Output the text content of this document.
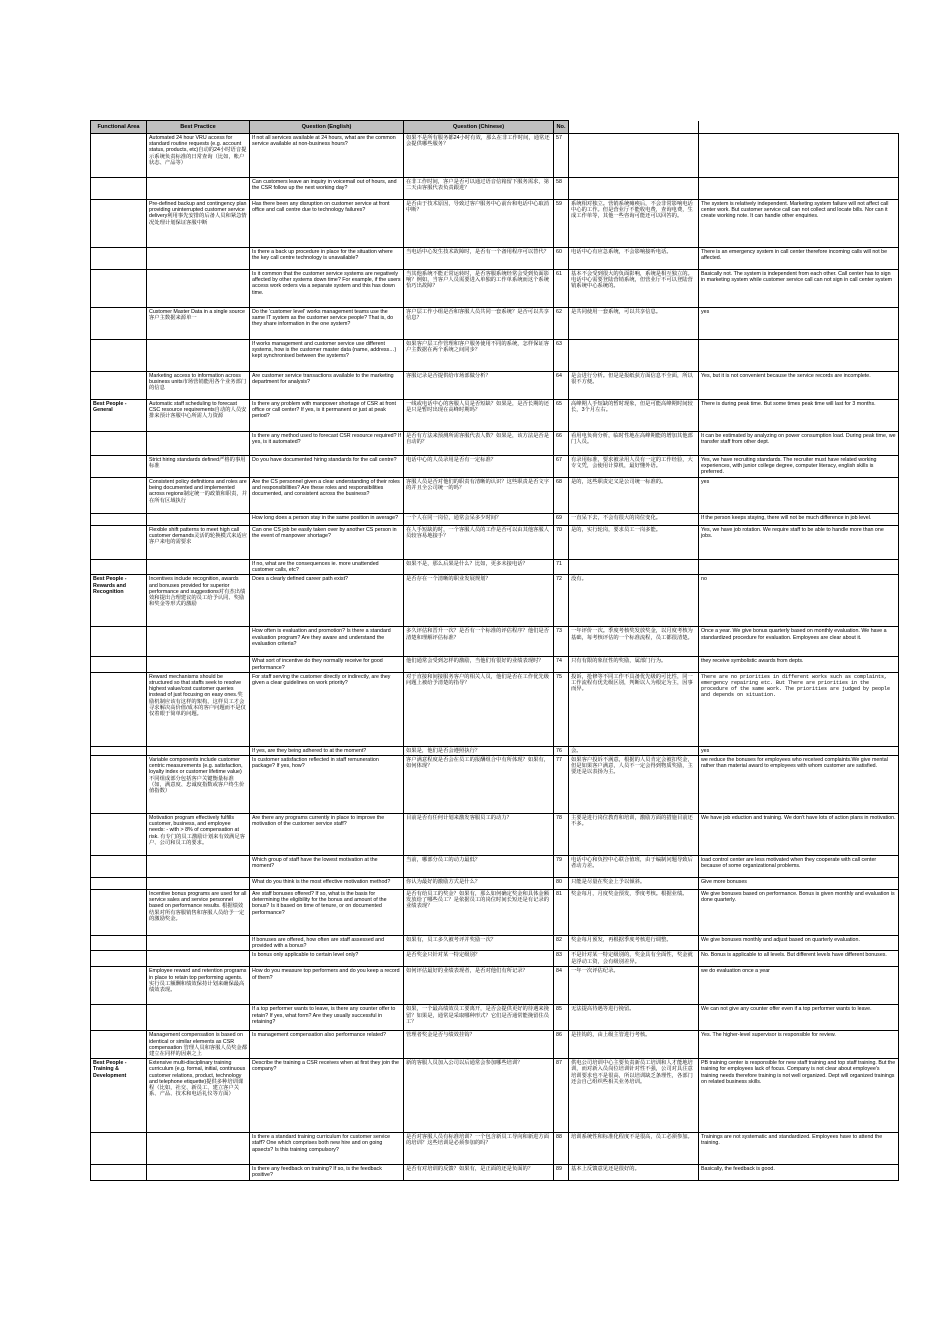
Functional Area	Best Practice	Question (English)	Question (Chinese)	No.		
	Automated 24 hour VRU access for standard routine requests (e.g. account status, products, etc)自动的24小时语音提示系统负责标准的日常查询（比如，帐户状态、产品等）	If not all services available at 24 hours, what are the common service available at non-business hours?	如果不是所有服务都24小时有效，那么在非工作时间，通常还会提供哪些服务？	57		
		Can customers leave an inquiry in voicemail out of hours, and the CSR follow up the next working day?	在非工作时间，客户是否可以通过语音信箱留下服务需求，第二天由客服代表负责跟进？	58		
	Pre-defined backup and contingency plan providing uninterrupted customer service delivery利用事先安排的后备人员和紧急情况处理计划保证客服中断	Has there been any disruption on customer service at front office and call centre due to technology failures?	是否由于技术原因，导致过客户服务中心前台和电话中心取消中断？	59	系统相对独立。营销系统瘫痪后，不会非常影响电话中心的工作。但是营业厅不能收电费，查询电费，生成工作单等，其他一些咨询可能还可以回答的。	The system is relatively independent. Marketing system failure will not affect call center work. But customer service call can not collect and locate bills. Nor can it create working note. It can handle other enquiries.
		Is there a back up procedure in place for the situation where the key call centre technology is unavailable?	当电话中心发生技术故障时，是否有一个备用程序可以替代？	60	电话中心有应急系统，不会影响接听电话。	There is an emergency system in call center therefore incoming calls will not be affected.
		Is it common that the customer service systems are negatively affected by other systems down time? For example, if the users access work orders via a separate system and this has down time.	当其他系统不能正常运转时，是否客服系统经常会受到负面影响？例如，当客户人员需要进入单独的工作单系统而这个系统恰巧出故障？	61	基本不会受到很大的负面影响，系统是相互独立的。电话中心需要登陆营销系统，但营业厅不可以登陆营销系统中心系统的。	Basically not. The system is independent from each other. Call center has to sign in marketing system while customer service call can not sign in call center system
	Customer Master Data in a single source客户主数据来源单一	Do the 'customer level' works management teams use the same IT system as the customer service people? That is, do they share information in the one system?	客户层工作小组是否和客服人员共同一套系统？是否可以共享信息？	62	是共同使用一套系统，可以共享信息。	yes
		If works management and customer service use different systems, how is the customer master data (name, address…) kept synchronised between the systems?	如果客户层工作管理和客户服务使用不同的系统，怎样保证客户主数据在两个系统之间同步？	63		
	Marketing access to information across business units市场营销能用各个业务部门的信息	Are customer service transactions available to the marketing department for analysis?	客服记录是否提供给市场部做分析？	64	是会进行分析。但是是报纸获方面信息不全面，所以很不方便。	Yes, but it is not convenient because the service records are incomplete.
Best People - General	Automatic staff scheduling to forecast CSC resource requirements自动的人员安排来预计客服中心所需人力资源	Is there any problem with manpower shortage of CSR at front office or call center? If yes, is it permanent or just at peak period?	一线或电话中心的客服人员是否短缺？如果是，是否长期的还是只是暂时出现在高峰时期吗？	65	高峰期人手短缺的暂时现象，但是可能高峰期时间较长，3个月左右。	There is during peak time. But some times peak time will last for 3 months.
		Is there any method used to forecast CSR resource required? If yes, is it automated?	是否有方法来预测所需客服代表人数？如果是，该方法是否是自动的？	66	看用电负荷分析，临时性地在高峰期能的增加其他部门人员。	It can be estimated by analyzing on power consumption load. During peak time, we transfer staff from other dept.
	Strict hiring standards defined严格的事用标准	Do you have documented hiring standards for the call centre?	电话中心的人员录用是否有一定标准？	67	有录用标准，要求被录用人员有一定的工作经验，大专文凭，会使用计算机，最好懂外语。	Yes, we have recruiting standards. The recruiter must have related working experiences, with junior college degree, computer literacy, english skills is preferred.
	Consistent policy definitions and roles are being documented and implemented across regions制定统一的政策和职责，并在所有区域执行	Are the CS personnel given a clear understanding of their roles and responsibilities? Are these roles and responsibilities documented, and consistent across the business?	客服人员是否对他们的职责有清晰的认识？这些职责是否文字的并且全公司统一的吗？	68	是的，这些职责定义是公司统一标准的。	yes
		How long does a person stay in the same position in average?	一个人在同一岗位，通常会呆多少时间？	69	一直呆下去，不会有很大的岗位变化。	If the person keeps staying, there will not be much difference in job level.
	Flexible shift patterns to meet high call customer demands灵活的轮换模式来适应客户来电的需要求	Can one CS job be easily taken over by another CS person in the event of manpower shortage?	在人手短缺的时，一个客服人员的工作是否可以由其他客服人员较容易地接手？	70	是的，实行轮岗，要求员工一岗多能。	Yes, we have job rotation. We require staff to be able to handle more than one jobs.
		If no, what are the consequences ie. more unattended customer calls, etc?	如果不是，那么后果是什么？比如，更多未接电话？	71		
Best People - Rewards and Recognition	Incentives include recognition, awards and bonuses provided for superior performance and suggestions对有杰出绩效和提出合理建议的员工给予认同、奖励和奖金等形式的激励	Does a clearly defined career path exist?	是否存在一个清晰的职业发展规划？	72	没有。	no
		How often is evaluation and promotion? Is there a standard evaluation program? Are they aware and understand the evaluation criteria?	多久评估和晋升一次？是否有一个标准的评估程序？他们是否清楚和理解评估标准？	73	一年评价一次。季度考核奖发放奖金，以月度考核为基础，每考核评估的一个标准流程，员工都很清楚。	Once a year. We give bonus quarterly based on monthly evaluation. We have a standardized procedure for evaluation. Employees are clear about it.
		What sort of incentive do they normally receive for good performance?	他们通常会受到怎样的激励，当他们有很好的业绩表现时？	74	只有有限的象征性的奖励，属部门行为。	they receive symbolistic awards from depts.
	Reward mechanisms should be structured so that staffs seek to resolve highest value/cost customer queries instead of just focusing on easy ones.奖励机制应该有这样的架构，这样员工才会寻求解决高价值/成本的客户问题而不是仅仅着眼于简单的问题。	For staff serving the customer directly or indirectly, are they given a clear guidelines on work priority?	对于直接和间接服务客户的相关人员，他们是否在工作优先级问题上被给予清楚的指导？	75	投诉，抢修等不同工作不具备优先级的可比性，同一工作流程有优先级区别，判断以人为根定为主，因事而异。	There are no priorities in different works such as complaints, emergency repairing etc. But There are priorities in the procedure of the same work. The priorities are judged by people and depends on situation.
		If yes, are they being adhered to at the moment?	如果是，他们是否会遵照执行？	76	会。	yes
	Variable components include customer centric measurements (e.g. satisfaction, loyalty index or customer lifetime value) 不同组成部分包括客户关键衡量标准（如，满意度、忠诚度指数或客户终生价值指数）	Is customer satisfaction reflected in staff remuneration package? If yes, how?	客户满意程度是否会在员工的报酬组合中有所体现？如果有，如何体现？	77	如果客户投诉不满意，根据的人员肯定会被扣奖金，但是如果客户满意，人员不一定会得到物质奖励，主要还是以表扬为主。	we reduce the bonuses for employees who received complaints.We give mental rather than material award to employees with whom customer are satisfied.
	Motivation program effectively fulfills customer, business, and employee needs: - with > 8% of compensation at risk. 有专门的员工激励计划来有效满足客户、公司和员工的要求。	Are there any programs currently in place to improve the motivation of the customer service staff?	目前是否有任何计划来激发客服员工的动力？	78	主要是进行岗位教育和培训，激励方面的措施目前还不多。	We have job eduction and training. We don't have lots of action plans in motivation.
		Which group of staff have the lowest motivation at the moment?	当前，哪部分员工的动力最低？	79	电话中心和负控中心联合值班，由于编制问题导致后者动力差。	load control center are less motivated when they cooperate with call center because of some organizational problems.
		What do you think is the most effective motivation method?	你认为最好的激励方式是什么？	80	只能是尽量在奖金上予以倾斜。	Give more bonuses
	Incentive bonus programs are used for all service sales and service personnel based on performance results. 根据绩效结果对所有客服销售和客服人员给予一定的激励奖金。	Are staff bonuses offered? If so, what is the basis for determining the eligibility for the bonus and amount of the bonus? Is it based on time of tenure, or on documented performance?	是否有给员工的奖金？如果有，那么如何确定奖金和具体金额发放给了哪些员工？是依据员工的岗位时间长短还是有记录的业绩表现？	81	奖金每月，月度奖金预发，季度考核。根据业绩。	We give bonuses based on performance. Bonus is given monthly and evaluation is done quarterly.
		If bonuses are offered, how often are staff assessed and provided with a bonus?	如果有，员工多久被考评并奖励一次？	82	奖金每月预发，再根据季度考核进行调整。	We give bonuses monthly and adjust based on quarterly evaluation.
		Is bonus only applicable to certain level only?	是否奖金只针对某一特定级别？	83	不是针对某一特定级别的，奖金具有全面性，奖金就是浮动工资，会有级别差异。	No. Bonus is applicable to all levels. But different levels have different bonuses.
	Employee reward and retention programs in place to retain top performing agents. 实行员工额酬和绩效保持计划来确保最高绩效表现。	How do you measure top performers and do you keep a record of them?	如何评估最好的业绩表现者，是否对他们有所记录？	84	一年一次评估纪录。	we do evaluation once a year
		If a top performer wants to leave, is there any counter offer to retain? If yes, what form? Are they usually successful in retaining?	如果，一个最高绩效员工要离开，是否会提供更好的待遇来挽留？如果是，通常是采取哪种形式？它们是否通常能挽留住员工？	85	无法提高待遇等进行挽留。	We can not give any counter offer even if a top performer wants to leave.
	Management compensation is based on identical or similar elements as CSR compensation 管理人员和客服人员奖金都建立在同样的因素之上	Is management compensation also performance related?	管理者奖金是否与绩效挂钩？	86	是挂钩的，由上级主管进行考核。	Yes. The higher-level supervisor is responsible for review.
Best People - Training & Development	Extensive multi-disciplinary training curriculum (e.g. formal, initial, continuous customer relations, product, technology and telephone etiquette)提供多种培训课程（比如，社交、新员工、建立客户关系、产品、技术和电话礼仪等方面）	Describe the training a CSR receives when at first they join the company?	新的客服人员加入公司以后通常会参加哪些培训？	87	供电公司培训中心主要负责新员工培训和人才能地培训，而对新入员岗位培训针对性不强，公司对具注意培训要求也不是很高，所以培训缺乏条理性，各部门还会自己组织些相关业务培训。	PB training center is responsible for new staff training and top staff training. But the training for employees lack of focus. Company is not clear about employee's training needs therefore training is not well organized. Dept will organized trainings on related business skills.
		Is there a standard training curriculum for customer service staff? One which comprises both new hire and on going apsects? Is this training compulsory?	是否对客服人员有标准培训？一个包含新员工导向和新进方面的培训？这些培训是必须参加的吗？	88	培训系统性和标准化程度不是很高，员工必须参加。	Trainings are not systematic and standardized. Employees have to attend the training.
		Is there any feedback on training? If so, is the feedback positive?	是否有对培训的反馈？如果有，是正面的还是负面的？	89	基本上反馈意见还是很好的。	Basically, the feedback is good.
